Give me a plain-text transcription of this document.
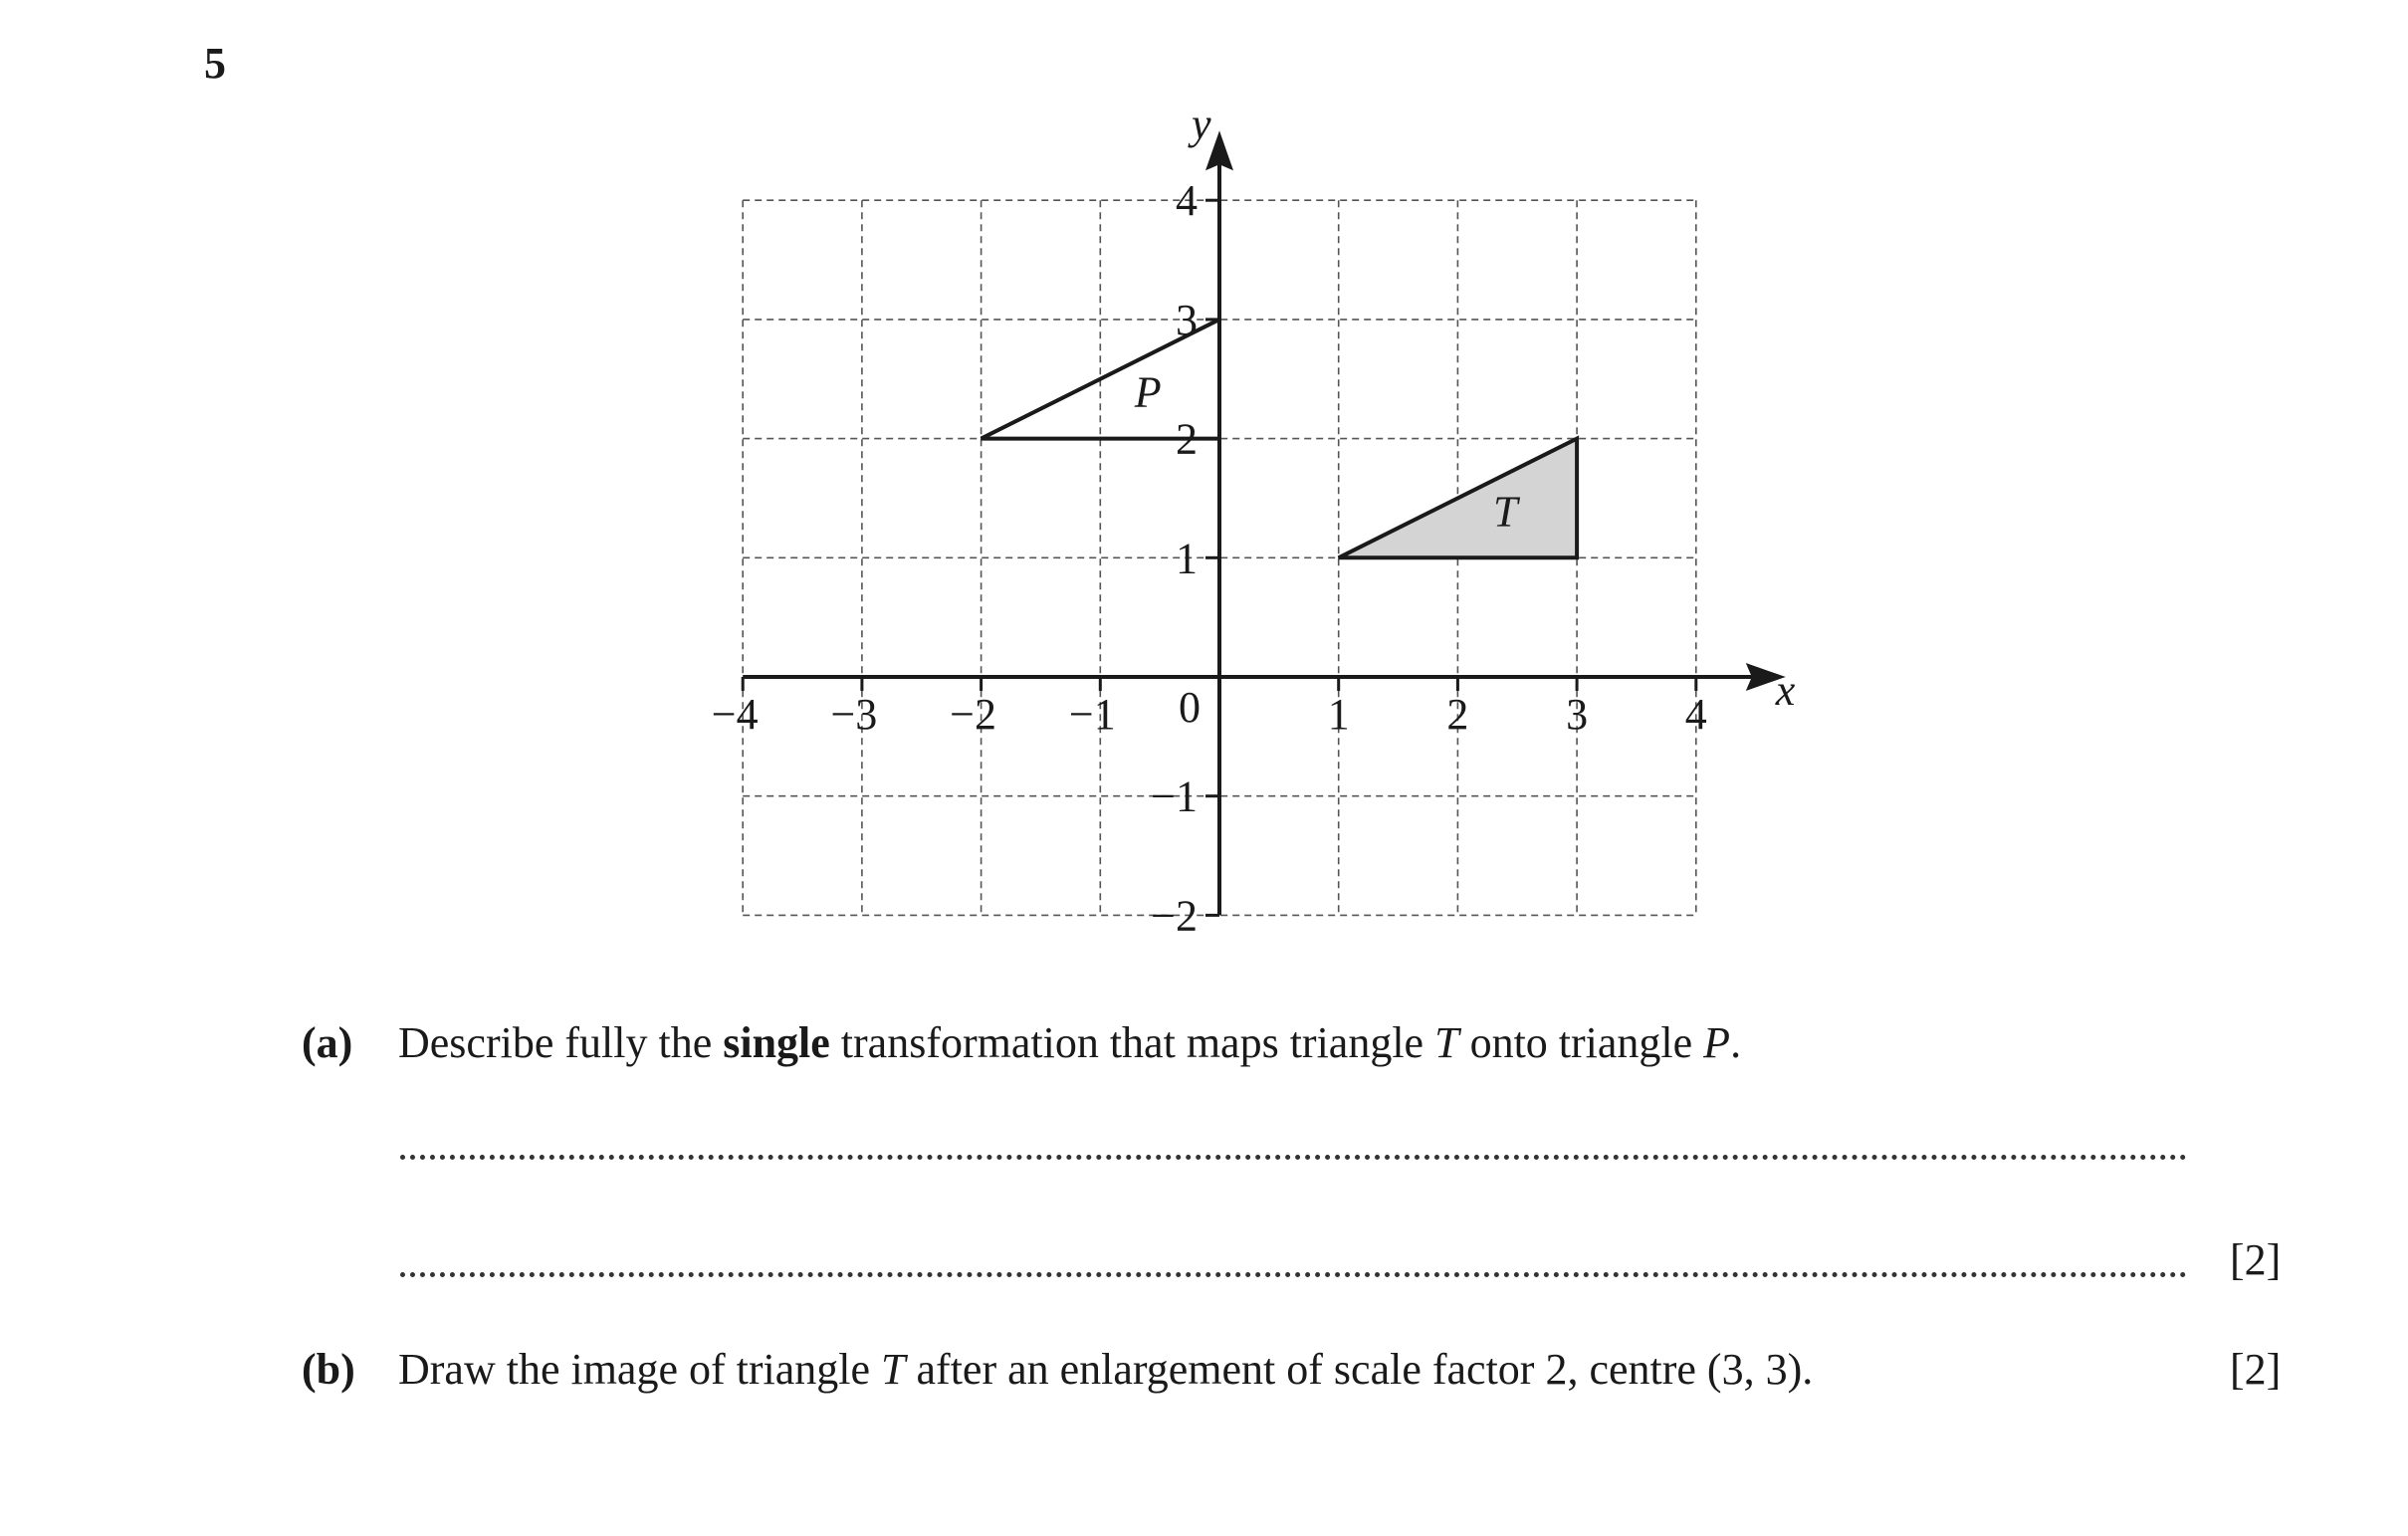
5
P
T
x
y
−4 −3 −2 −1	1 2 3 4
−2
−1
1
2
3
4
0
(a) Describe fully the single transformation that maps triangle T onto triangle P.
[2]
(b) Draw the image of triangle T after an enlargement of scale factor 2, centre (3, 3).	[2]
